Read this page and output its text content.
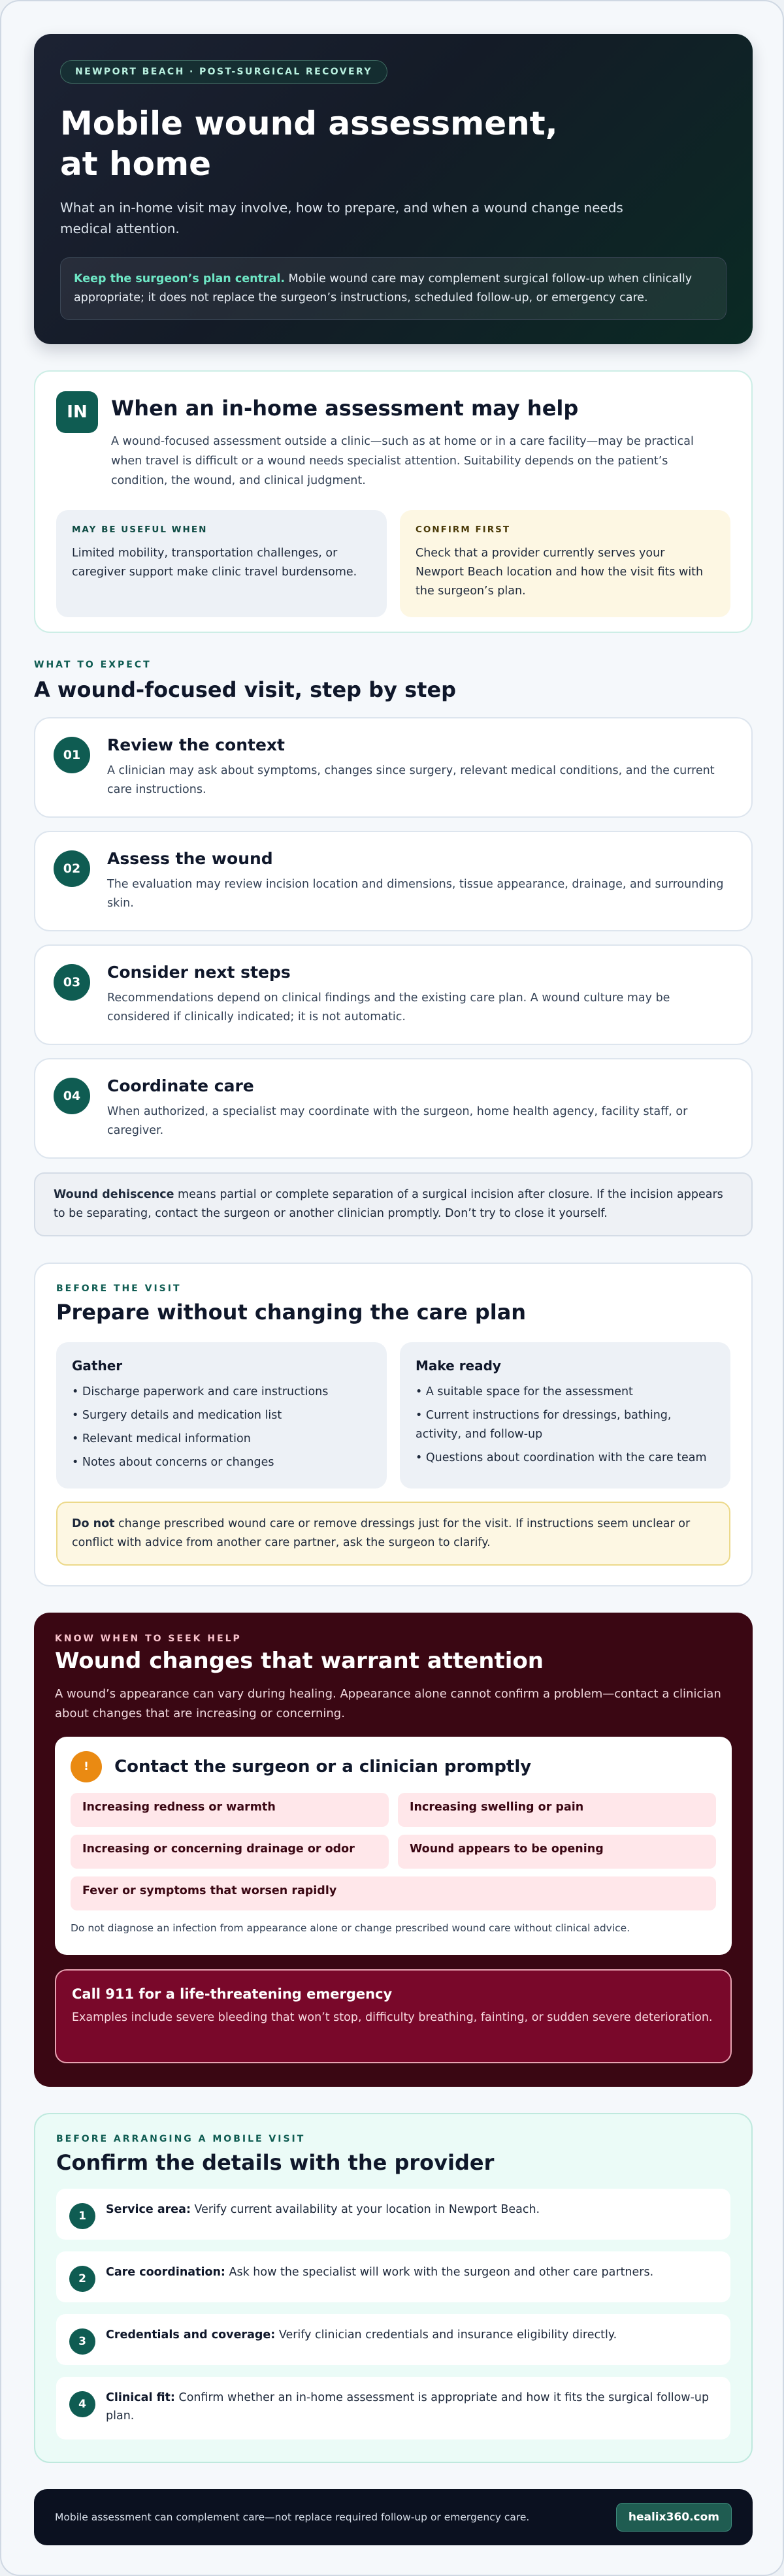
NEWPORT BEACH · POST-SURGICAL RECOVERY
Mobile wound assessment, at home

What an in-home visit may involve, how to prepare, and when a wound change needs medical attention.

Keep the surgeon’s plan central. Mobile wound care may complement surgical follow-up when clinically appropriate; it does not replace the surgeon’s instructions, scheduled follow-up, or emergency care.
IN	When an in-home assessment may help

A wound-focused assessment outside a clinic—such as at home or in a care facility—may be practical when travel is difficult or a wound needs specialist attention. Suitability depends on the patient’s condition, the wound, and clinical judgment.

MAY BE USEFUL WHEN
Limited mobility, transportation challenges, or caregiver support make clinic travel burdensome.
CONFIRM FIRST
Check that a provider currently serves your Newport Beach location and how the visit fits with the surgeon’s plan.
WHAT TO EXPECT
A wound-focused visit, step by step
01
Review the context

A clinician may ask about symptoms, changes since surgery, relevant medical conditions, and the current care instructions.

02
Assess the wound

The evaluation may review incision location and dimensions, tissue appearance, drainage, and surrounding skin.

03
Consider next steps

Recommendations depend on clinical findings and the existing care plan. A wound culture may be considered if clinically indicated; it is not automatic.

04
Coordinate care

When authorized, a specialist may coordinate with the surgeon, home health agency, facility staff, or caregiver.

Wound dehiscence means partial or complete separation of a surgical incision after closure. If the incision appears to be separating, contact the surgeon or another clinician promptly. Don’t try to close it yourself.
BEFORE THE VISIT
Prepare without changing the care plan
Gather
• Discharge paperwork and care instructions
• Surgery details and medication list
• Relevant medical information
• Notes about concerns or changes
Make ready
• A suitable space for the assessment
• Current instructions for dressings, bathing, activity, and follow-up
• Questions about coordination with the care team
Do not change prescribed wound care or remove dressings just for the visit. If instructions seem unclear or conflict with advice from another care partner, ask the surgeon to clarify.
KNOW WHEN TO SEEK HELP
Wound changes that warrant attention

A wound’s appearance can vary during healing. Appearance alone cannot confirm a problem—contact a clinician about changes that are increasing or concerning.

! Contact the surgeon or a clinician promptly
Increasing redness or warmth	Increasing swelling or pain
Increasing or concerning drainage or odor	Wound appears to be opening
Fever or symptoms that worsen rapidly

Do not diagnose an infection from appearance alone or change prescribed wound care without clinical advice.

Call 911 for a life-threatening emergency

Examples include severe bleeding that won’t stop, difficulty breathing, fainting, or sudden severe deterioration.

BEFORE ARRANGING A MOBILE VISIT
Confirm the details with the provider
1	Service area: Verify current availability at your location in Newport Beach.
2	Care coordination: Ask how the specialist will work with the surgeon and other care partners.
3	Credentials and coverage: Verify clinician credentials and insurance eligibility directly.
4	Clinical fit: Confirm whether an in-home assessment is appropriate and how it fits the surgical follow-up plan.
Mobile assessment can complement care—not replace required follow-up or emergency care.	healix360.com
